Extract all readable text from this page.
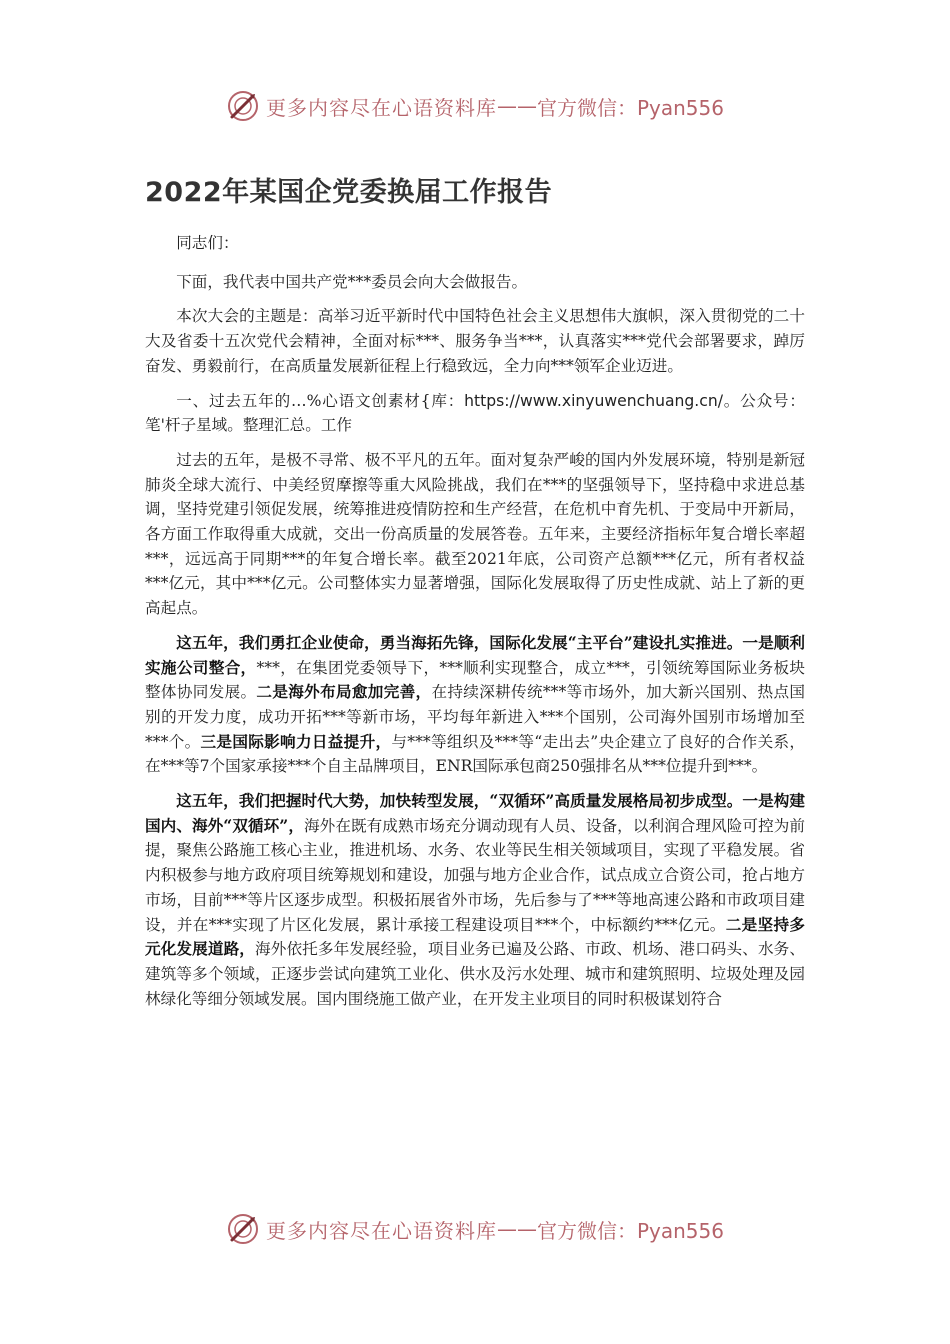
更多内容尽在心语资料库 —— 官方微信：Pyan556
2022年某国企党委换届工作报告

同志们：

下面，我代表中国共产党***委员会向大会做报告。

本次大会的主题是：高举习近平新时代中国特色社会主义思想伟大旗帜，深入贯彻党的二十大及省委十五次党代会精神，全面对标***、服务争当***，认真落实***党代会部署要求，踔厉奋发、勇毅前行，在高质量发展新征程上行稳致远，全力向***领军企业迈进。

一、过去五年的…%心语文创素材{库：https://www.xinyuwenchuang.cn/。公众号：笔'杆子星域。整理汇总。工作

过去的五年，是极不寻常、极不平凡的五年。面对复杂严峻的国内外发展环境，特别是新冠肺炎全球大流行、中美经贸摩擦等重大风险挑战，我们在***的坚强领导下，坚持稳中求进总基调，坚持党建引领促发展，统筹推进疫情防控和生产经营，在危机中育先机、于变局中开新局，各方面工作取得重大成就，交出一份高质量的发展答卷。五年来，主要经济指标年复合增长率超***，远远高于同期***的年复合增长率。截至2021年底，公司资产总额***亿元，所有者权益***亿元，其中***亿元。公司整体实力显著增强，国际化发展取得了历史性成就、站上了新的更高起点。

这五年，我们勇扛企业使命，勇当海拓先锋，国际化发展“主平台”建设扎实推进。一是顺利实施公司整合，***，在集团党委领导下，***顺利实现整合，成立***，引领统筹国际业务板块整体协同发展。二是海外布局愈加完善，在持续深耕传统***等市场外，加大新兴国别、热点国别的开发力度，成功开拓***等新市场，平均每年新进入***个国别，公司海外国别市场增加至***个。三是国际影响力日益提升，与***等组织及***等“走出去”央企建立了良好的合作关系，在***等7个国家承接***个自主品牌项目，ENR国际承包商250强排名从***位提升到***。

这五年，我们把握时代大势，加快转型发展，“双循环”高质量发展格局初步成型。一是构建国内、海外“双循环”，海外在既有成熟市场充分调动现有人员、设备，以利润合理风险可控为前提，聚焦公路施工核心主业，推进机场、水务、农业等民生相关领域项目，实现了平稳发展。省内积极参与地方政府项目统筹规划和建设，加强与地方企业合作，试点成立合资公司，抢占地方市场，目前***等片区逐步成型。积极拓展省外市场，先后参与了***等地高速公路和市政项目建设，并在***实现了片区化发展，累计承接工程建设项目***个，中标额约***亿元。二是坚持多元化发展道路，海外依托多年发展经验，项目业务已遍及公路、市政、机场、港口码头、水务、建筑等多个领域，正逐步尝试向建筑工业化、供水及污水处理、城市和建筑照明、垃圾处理及园林绿化等细分领域发展。国内围绕施工做产业，在开发主业项目的同时积极谋划符合

更多内容尽在心语资料库 —— 官方微信：Pyan556
